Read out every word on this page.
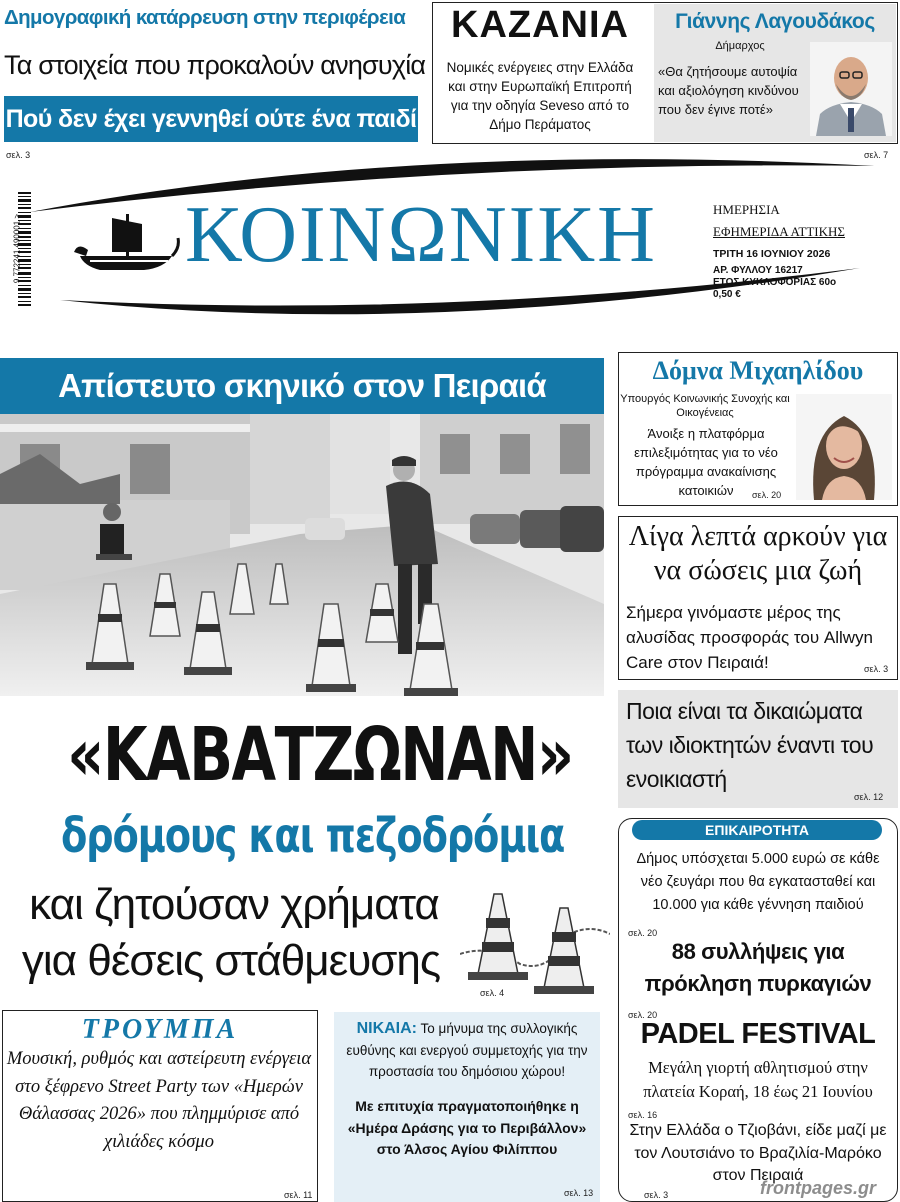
Δημογραφική κατάρρευση στην περιφέρεια
Τα στοιχεία που προκαλούν ανησυχία
Πού δεν έχει γεννηθεί ούτε ένα παιδί
σελ. 3
ΚΑΖΑΝΙΑ
Νομικές ενέργειες στην Ελλάδα και στην Ευρωπαϊκή Επιτροπή για την οδηγία Seveso από το Δήμο Περάματος
Γιάννης Λαγουδάκος
Δήμαρχος
«Θα ζητήσουμε αυτοψία και αξιολόγηση κινδύνου που δεν έγινε ποτέ»
σελ. 7
9 772241 490001 > ΚΟΙΝΩΝΙΚΗ	ΗΜΕΡΗΣΙΑ
ΕΦΗΜΕΡΙΔΑ ΑΤΤΙΚΗΣ
ΤΡΙΤΗ 16 ΙΟΥΝΙΟΥ 2026
ΑΡ. ΦΥΛΛΟΥ 16217
ΕΤΟΣ ΚΥΚΛΟΦΟΡΙΑΣ 60ο
0,50 €
Απίστευτο σκηνικό στον Πειραιά
«ΚΑΒΑΤΖΩΝΑΝ»
δρόμους και πεζοδρόμια
και ζητούσαν χρήματα
για θέσεις στάθμευσης
σελ. 4
Δόμνα Μιχαηλίδου
Υπουργός Κοινωνικής Συνοχής και Οικογένειας
Άνοιξε η πλατφόρμα επιλεξιμότητας για το νέο πρόγραμμα ανακαίνισης κατοικιών	σελ. 20
Λίγα λεπτά αρκούν για να σώσεις μια ζωή
Σήμερα γινόμαστε μέρος της αλυσίδας προσφοράς του Allwyn Care στον Πειραιά!	σελ. 3
Ποια είναι τα δικαιώματα των ιδιοκτητών έναντι του ενοικιαστή
σελ. 12
ΕΠΙΚΑΙΡΟΤΗΤΑ
Δήμος υπόσχεται 5.000 ευρώ σε κάθε νέο ζευγάρι που θα εγκατασταθεί και 10.000 για κάθε γέννηση παιδιού
σελ. 20
88 συλλήψεις για πρόκληση πυρκαγιών
σελ. 20
PADEL FESTIVAL
Μεγάλη γιορτή αθλητισμού στην πλατεία Κοραή, 18 έως 21 Ιουνίου
σελ. 16
Στην Ελλάδα ο Τζιοβάνι, είδε μαζί με τον Λουτσιάνο το Βραζιλία-Μαρόκο στον Πειραιά
σελ. 3
ΤΡΟΥΜΠΑ
Μουσική, ρυθμός και αστείρευτη ενέργεια στο ξέφρενο Street Party των «Ημερών Θάλασσας 2026» που πλημμύρισε από χιλιάδες κόσμο
σελ. 11
ΝΙΚΑΙΑ: Το μήνυμα της συλλογικής ευθύνης και ενεργού συμμετοχής για την προστασία του δημόσιου χώρου!
Με επιτυχία πραγματοποιήθηκε η «Ημέρα Δράσης για το Περιβάλλον» στο Άλσος Αγίου Φιλίππου
σελ. 13	frontpages.gr
